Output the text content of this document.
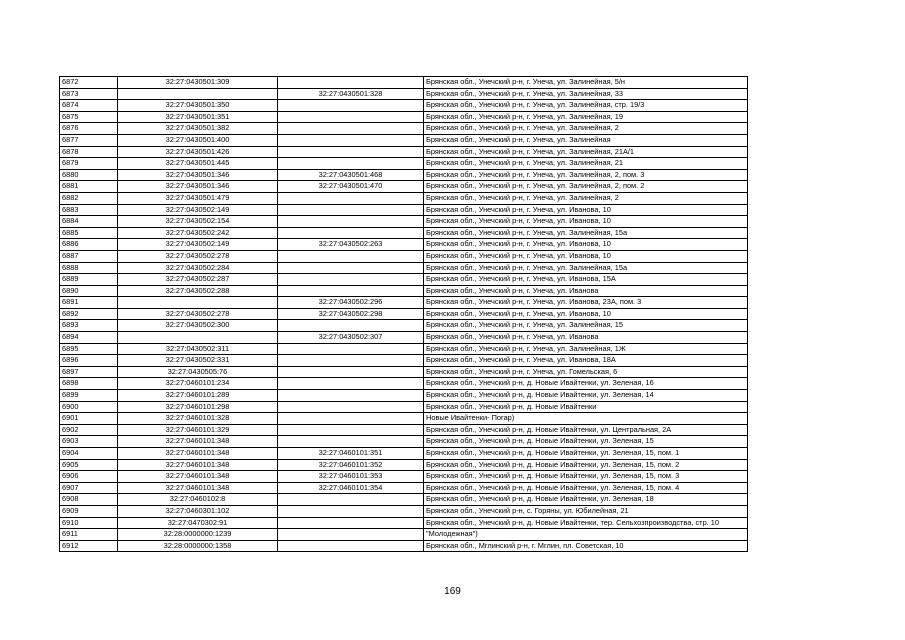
6872	32:27:0430501:309		Брянская обл., Унечский р-н, г. Унеча, ул. Залинейная, 5/н
6873		32:27:0430501:328	Брянская обл., Унечский р-н, г. Унеча, ул. Залинейная, 33
6874	32:27:0430501:350		Брянская обл., Унечский р-н, г. Унеча, ул. Залинейная, стр. 19/3
6875	32:27:0430501:351		Брянская обл., Унечский р-н, г. Унеча, ул. Залинейная, 19
6876	32:27:0430501:382		Брянская обл., Унечский р-н, г. Унеча, ул. Залинейная, 2
6877	32:27:0430501:400		Брянская обл., Унечский р-н, г. Унеча, ул. Залинейная
6878	32:27:0430501:426		Брянская обл., Унечский р-н, г. Унеча, ул. Залинейная, 21А/1
6879	32:27:0430501:445		Брянская обл., Унечский р-н, г. Унеча, ул. Залинейная, 21
6880	32:27:0430501:346	32:27:0430501:468	Брянская обл., Унечский р-н, г. Унеча, ул. Залинейная, 2, пом. 3
6881	32:27:0430501:346	32:27:0430501:470	Брянская обл., Унечский р-н, г. Унеча, ул. Залинейная, 2, пом. 2
6882	32:27:0430501:479		Брянская обл., Унечский р-н, г. Унеча, ул. Залинейная, 2
6883	32:27:0430502:149		Брянская обл., Унечский р-н, г. Унеча, ул. Иванова, 10
6884	32:27:0430502:154		Брянская обл., Унечский р-н, г. Унеча, ул. Иванова, 10
6885	32:27:0430502:242		Брянская обл., Унечский р-н, г. Унеча, ул. Залинейная, 15а
6886	32:27:0430502:149	32:27:0430502:263	Брянская обл., Унечский р-н, г. Унеча, ул. Иванова, 10
6887	32:27:0430502:278		Брянская обл., Унечский р-н, г. Унеча, ул. Иванова, 10
6888	32:27:0430502:284		Брянская обл., Унечский р-н, г. Унеча, ул. Залинейная, 15а
6889	32:27:0430502:287		Брянская обл., Унечский р-н, г. Унеча, ул. Иванова, 15А
6890	32:27:0430502:288		Брянская обл., Унечский р-н, г. Унеча, ул. Иванова
6891		32:27:0430502:296	Брянская обл., Унечский р-н, г. Унеча, ул. Иванова, 23А, пом. 3
6892	32:27:0430502:278	32:27:0430502:298	Брянская обл., Унечский р-н, г. Унеча, ул. Иванова, 10
6893	32:27:0430502:300		Брянская обл., Унечский р-н, г. Унеча, ул. Залинейная, 15
6894		32:27:0430502:307	Брянская обл., Унечский р-н, г. Унеча, ул. Иванова
6895	32:27:0430502:311		Брянская обл., Унечский р-н, г. Унеча, ул. Залинейная, 1Ж
6896	32:27:0430502:331		Брянская обл., Унечский р-н, г. Унеча, ул. Иванова, 18А
6897	32:27:0430505:76		Брянская обл., Унечский р-н, г. Унеча, ул. Гомельская, 6
6898	32:27:0460101:234		Брянская обл., Унечский р-н, д. Новые Ивайтенки, ул. Зеленая, 16
6899	32:27:0460101:289		Брянская обл., Унечский р-н, д. Новые Ивайтенки, ул. Зеленая, 14
6900	32:27:0460101:298		Брянская обл., Унечский р-н, д. Новые Ивайтенки
6901	32:27:0460101:328		Новые Ивайтенки- Погар)
6902	32:27:0460101:329		Брянская обл., Унечский р-н, д. Новые Ивайтенки, ул. Центральная, 2А
6903	32:27:0460101:348		Брянская обл., Унечский р-н, д. Новые Ивайтенки, ул. Зеленая, 15
6904	32:27:0460101:348	32:27:0460101:351	Брянская обл., Унечский р-н, д. Новые Ивайтенки, ул. Зеленая, 15, пом. 1
6905	32:27:0460101:348	32:27:0460101:352	Брянская обл., Унечский р-н, д. Новые Ивайтенки, ул. Зеленая, 15, пом. 2
6906	32:27:0460101:348	32:27:0460101:353	Брянская обл., Унечский р-н, д. Новые Ивайтенки, ул. Зеленая, 15, пом. 3
6907	32:27:0460101:348	32:27:0460101:354	Брянская обл., Унечский р-н, д. Новые Ивайтенки, ул. Зеленая, 15, пом. 4
6908	32:27:0460102:8		Брянская обл., Унечский р-н, д. Новые Ивайтенки, ул. Зеленая, 18
6909	32:27:0460301:102		Брянская обл., Унечский р-н, с. Горяны, ул. Юбилейная, 21
6910	32:27:0470302:91		Брянская обл., Унечский р-н, д. Новые Ивайтенки, тер. Сельхозпроизводства, стр. 10
6911	32:28:0000000:1239		"Молодежная")
6912	32:28:0000000:1358		Брянская обл., Мглинский р-н, г. Мглин, пл. Советская, 10
169
